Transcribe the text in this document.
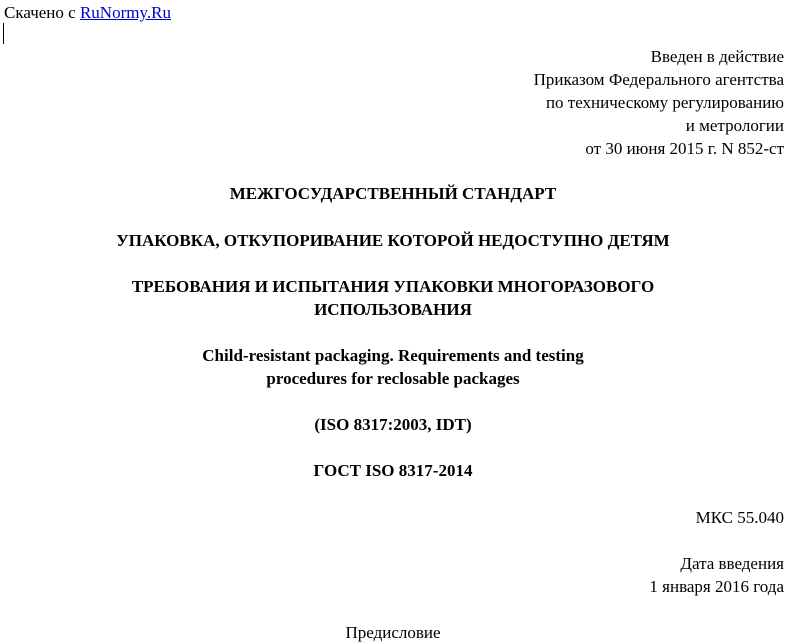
Скачено с RuNormy.Ru
Введен в действие
Приказом Федерального агентства
по техническому регулированию
и метрологии
от 30 июня 2015 г. N 852-ст
МЕЖГОСУДАРСТВЕННЫЙ СТАНДАРТ
УПАКОВКА, ОТКУПОРИВАНИЕ КОТОРОЙ НЕДОСТУПНО ДЕТЯМ
ТРЕБОВАНИЯ И ИСПЫТАНИЯ УПАКОВКИ МНОГОРАЗОВОГО
ИСПОЛЬЗОВАНИЯ
Child-resistant packaging. Requirements and testing
procedures for reclosable packages
(ISO 8317:2003, IDT)
ГОСТ ISO 8317-2014
МКС 55.040
Дата введения
1 января 2016 года
Предисловие
